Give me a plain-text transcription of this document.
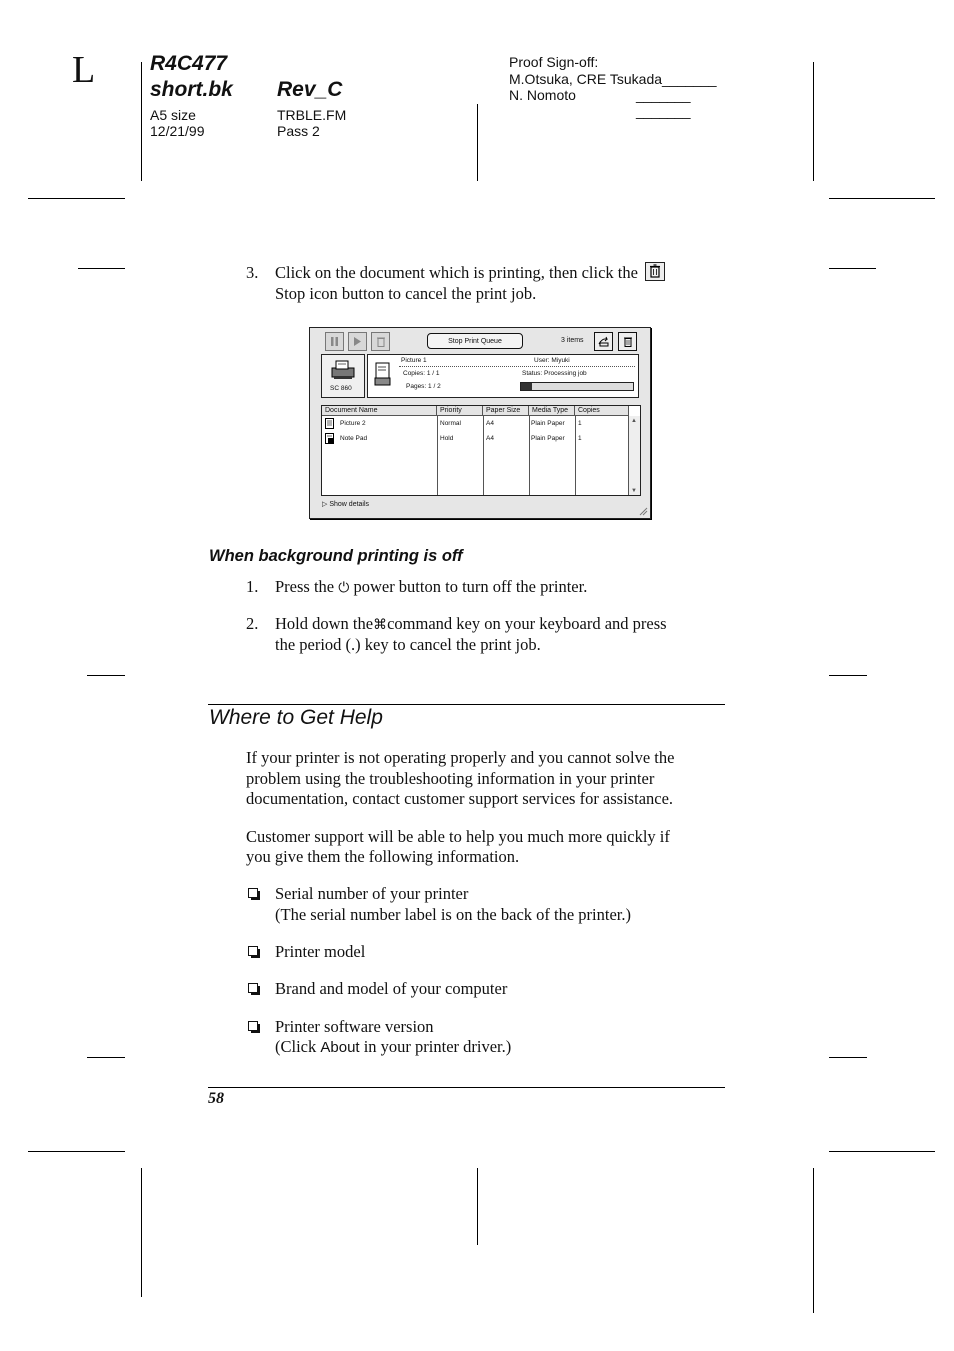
L	R4C477
short.bk Rev_C
A5 size
12/21/99
TRBLE.FM
Pass 2
Proof Sign-off:
M.Otsuka, CRE Tsukada_______
N. Nomoto	_______
_______
3. Click on the document which is printing, then click the
Stop icon button to cancel the print job.
Stop Print Queue	3 items
SC 860
Picture 1	User: Miyuki
Copies: 1 / 1	Status: Processing job
Pages: 1 / 2
Document Name	Priority	Paper Size	Media Type	Copies
Picture 2	Normal	A4	Plain Paper 1
Note Pad	Hold	A4	Plain Paper 1
▲
▼
▷ Show details
When background printing is off
1. Press the ⏻ power button to turn off the printer.
2. Hold down the⌘command key on your keyboard and press
the period (.) key to cancel the print job.
Where to Get Help
If your printer is not operating properly and you cannot solve the
problem using the troubleshooting information in your printer
documentation, contact customer support services for assistance.
Customer support will be able to help you much more quickly if
you give them the following information.
Serial number of your printer
(The serial number label is on the back of the printer.)
Printer model
Brand and model of your computer
Printer software version
(Click About in your printer driver.)
58
